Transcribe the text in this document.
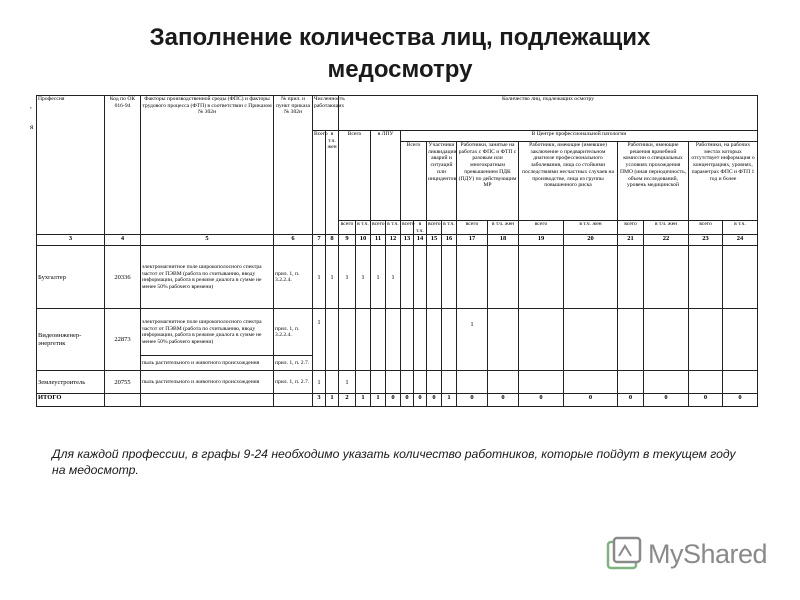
Заполнение количества лиц, подлежащих
медосмотру
,
я
Профессия	Код по ОК 016-94	Факторы производственной среды (ФПС) и факторы трудового процесса (ФТП) в соответствии с Приказом № 302н	№ прил. и пункт приказа № 302н	Численность работающих		Количество лиц, подлежащих осмотру															
				Всего	в т.ч. жен	Всего		в ЛПУ		В Центре профессиональной патологии											
										Всего		Участники ликвидации аварий и ситуаций или инцидентов		Работники, занятые на работах с ФПС и ФТП с разовым или многократным превышением ПДК (ПДУ) по действующим МР		Работники, имеющие (имевшие) заключение о предварительном диагнозе профессионального заболевания, лица со стойкими последствиями несчастных случаев на производстве, лица из группы повышенного риска		Работники, имеющие решения врачебной комиссии о специальных условиях прохождения ПМО (иная периодичность, объем исследований, уровень медицинской		Работники, на рабочих местах которых отсутствует информация о концентрациях, уровнях, параметрах ФПС и ФТП 1 год и более	
						всего	в т.ч.	всего	в т.ч.	всего	в т.ч.	всего	в т.ч.	всего	в т.ч. жен	всего	в т.ч. жен	всего	в т.ч. жен	всего	в т.ч.
3	4	5	6	7	8	9	10	11	12	13	14	15	16	17	18	19	20	21	22	23	24
Бухгалтер	20336	электромагнитное поле широкополосного спектра частот от ПЭВМ (работа по считыванию, вводу информации, работа в режиме диалога в сумме не менее 50% рабочего времени)	прил. 1, п. 3.2.2.4.	1	1	1	1	1	1												
Видеоинженер-энергетик	22873	электромагнитное поле широкополосного спектра частот от ПЭВМ (работа по считыванию, вводу информации, работа в режиме диалога в сумме не менее 50% рабочего времени)	прил. 1, п. 3.2.2.4.	1										1							
		пыль растительного и животного происхождения	прил. 1, п. 2.7.																		
Землеустроитель	20755	пыль растительного и животного происхождения	прил. 1, п. 2.7.	1		1															
ИТОГО				3	1	2	1	1	0	0	0	0	1	0	0	0	0	0	0	0	0
Для каждой профессии, в графы 9-24 необходимо указать количество работников, которые пойдут в текущем году на медосмотр.
MyShared
